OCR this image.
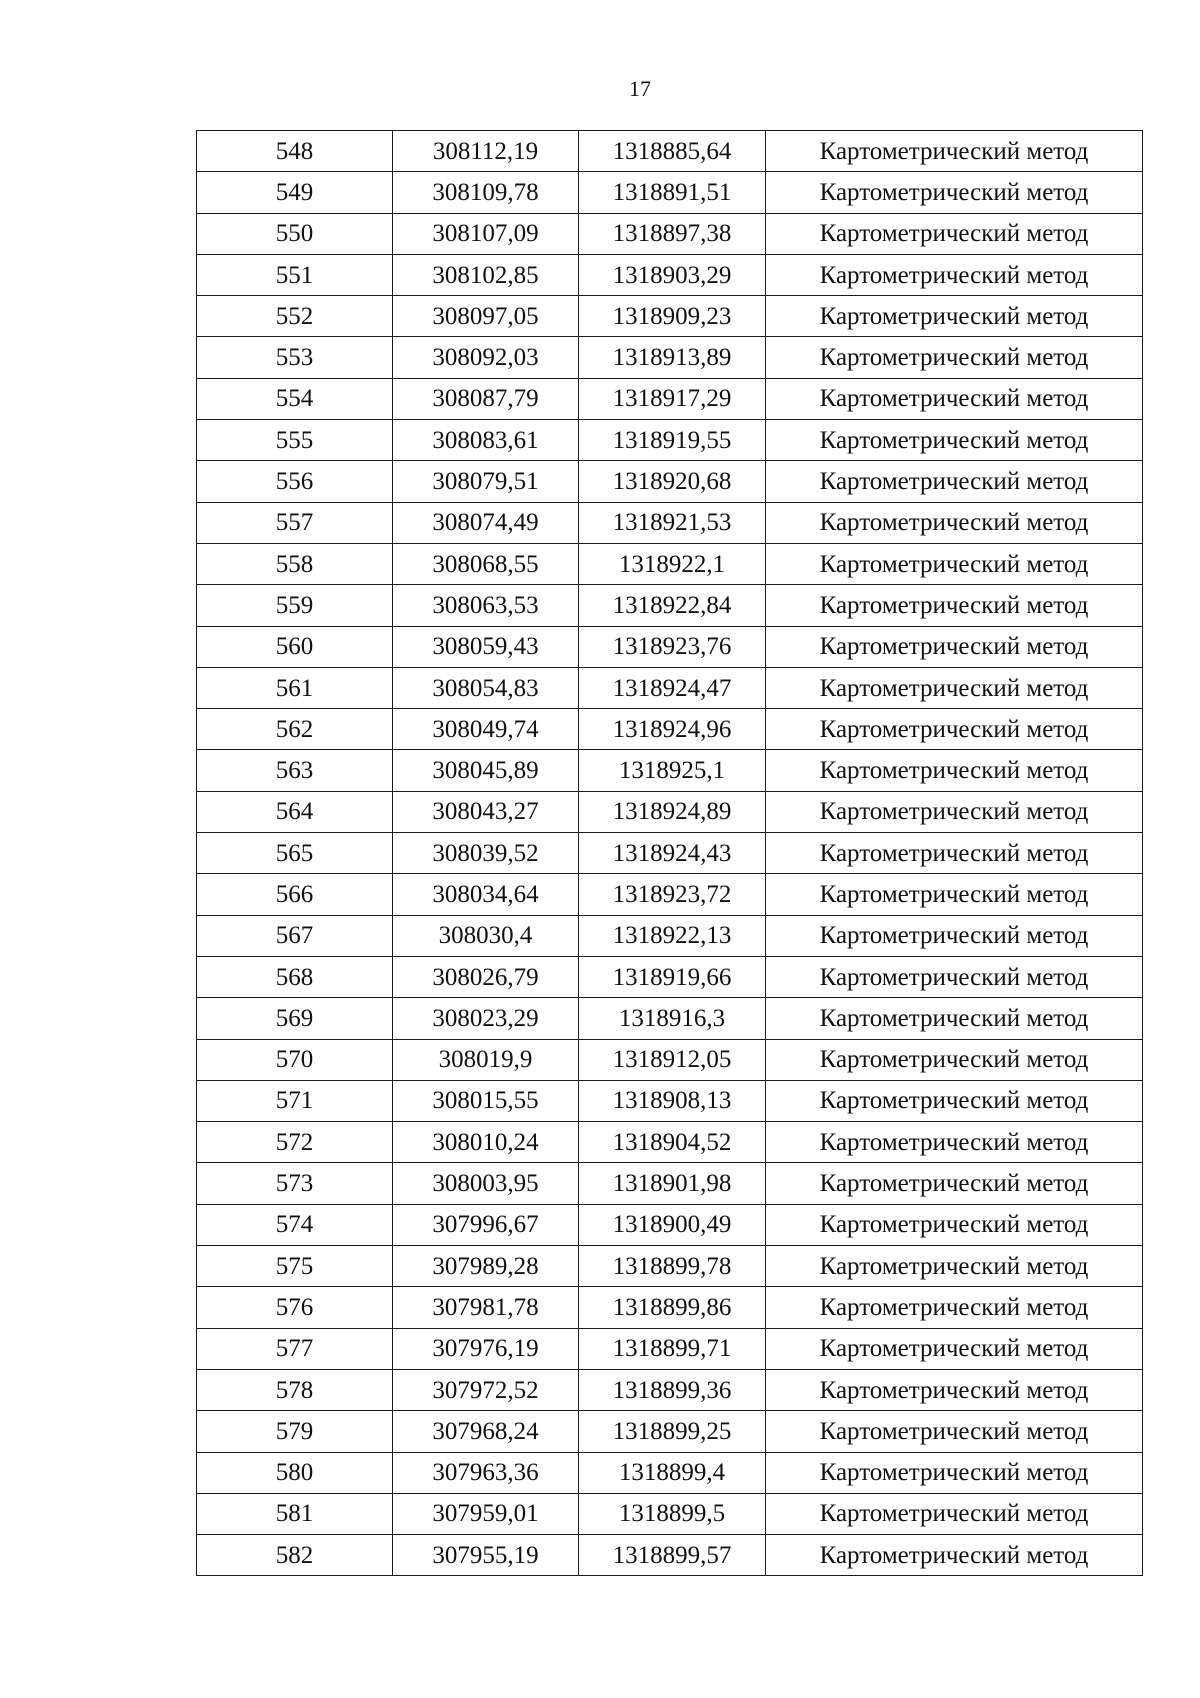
17
548	308112,19	1318885,64	Картометрический метод
549	308109,78	1318891,51	Картометрический метод
550	308107,09	1318897,38	Картометрический метод
551	308102,85	1318903,29	Картометрический метод
552	308097,05	1318909,23	Картометрический метод
553	308092,03	1318913,89	Картометрический метод
554	308087,79	1318917,29	Картометрический метод
555	308083,61	1318919,55	Картометрический метод
556	308079,51	1318920,68	Картометрический метод
557	308074,49	1318921,53	Картометрический метод
558	308068,55	1318922,1	Картометрический метод
559	308063,53	1318922,84	Картометрический метод
560	308059,43	1318923,76	Картометрический метод
561	308054,83	1318924,47	Картометрический метод
562	308049,74	1318924,96	Картометрический метод
563	308045,89	1318925,1	Картометрический метод
564	308043,27	1318924,89	Картометрический метод
565	308039,52	1318924,43	Картометрический метод
566	308034,64	1318923,72	Картометрический метод
567	308030,4	1318922,13	Картометрический метод
568	308026,79	1318919,66	Картометрический метод
569	308023,29	1318916,3	Картометрический метод
570	308019,9	1318912,05	Картометрический метод
571	308015,55	1318908,13	Картометрический метод
572	308010,24	1318904,52	Картометрический метод
573	308003,95	1318901,98	Картометрический метод
574	307996,67	1318900,49	Картометрический метод
575	307989,28	1318899,78	Картометрический метод
576	307981,78	1318899,86	Картометрический метод
577	307976,19	1318899,71	Картометрический метод
578	307972,52	1318899,36	Картометрический метод
579	307968,24	1318899,25	Картометрический метод
580	307963,36	1318899,4	Картометрический метод
581	307959,01	1318899,5	Картометрический метод
582	307955,19	1318899,57	Картометрический метод
